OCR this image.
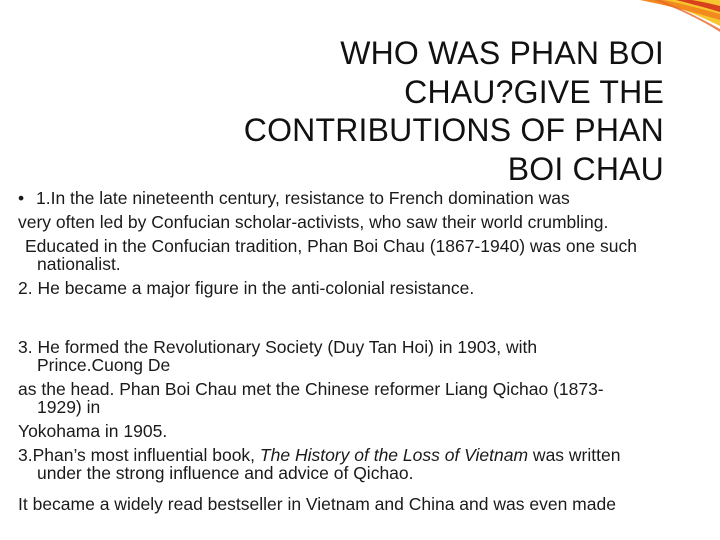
WHO WAS PHAN BOI
CHAU?GIVE THE
CONTRIBUTIONS OF PHAN
BOI CHAU
• 1.In the late nineteenth century, resistance to French domination was
very often led by Confucian scholar-activists, who saw their world crumbling.
Educated in the Confucian tradition, Phan Boi Chau (1867-1940) was one such
nationalist.
2. He became a major figure in the anti-colonial resistance.
3. He formed the Revolutionary Society (Duy Tan Hoi) in 1903, with
Prince.Cuong De
as the head. Phan Boi Chau met the Chinese reformer Liang Qichao (1873-
1929) in
Yokohama in 1905.
3.Phan’s most influential book, The History of the Loss of Vietnam was written
under the strong influence and advice of Qichao.
It became a widely read bestseller in Vietnam and China and was even made
